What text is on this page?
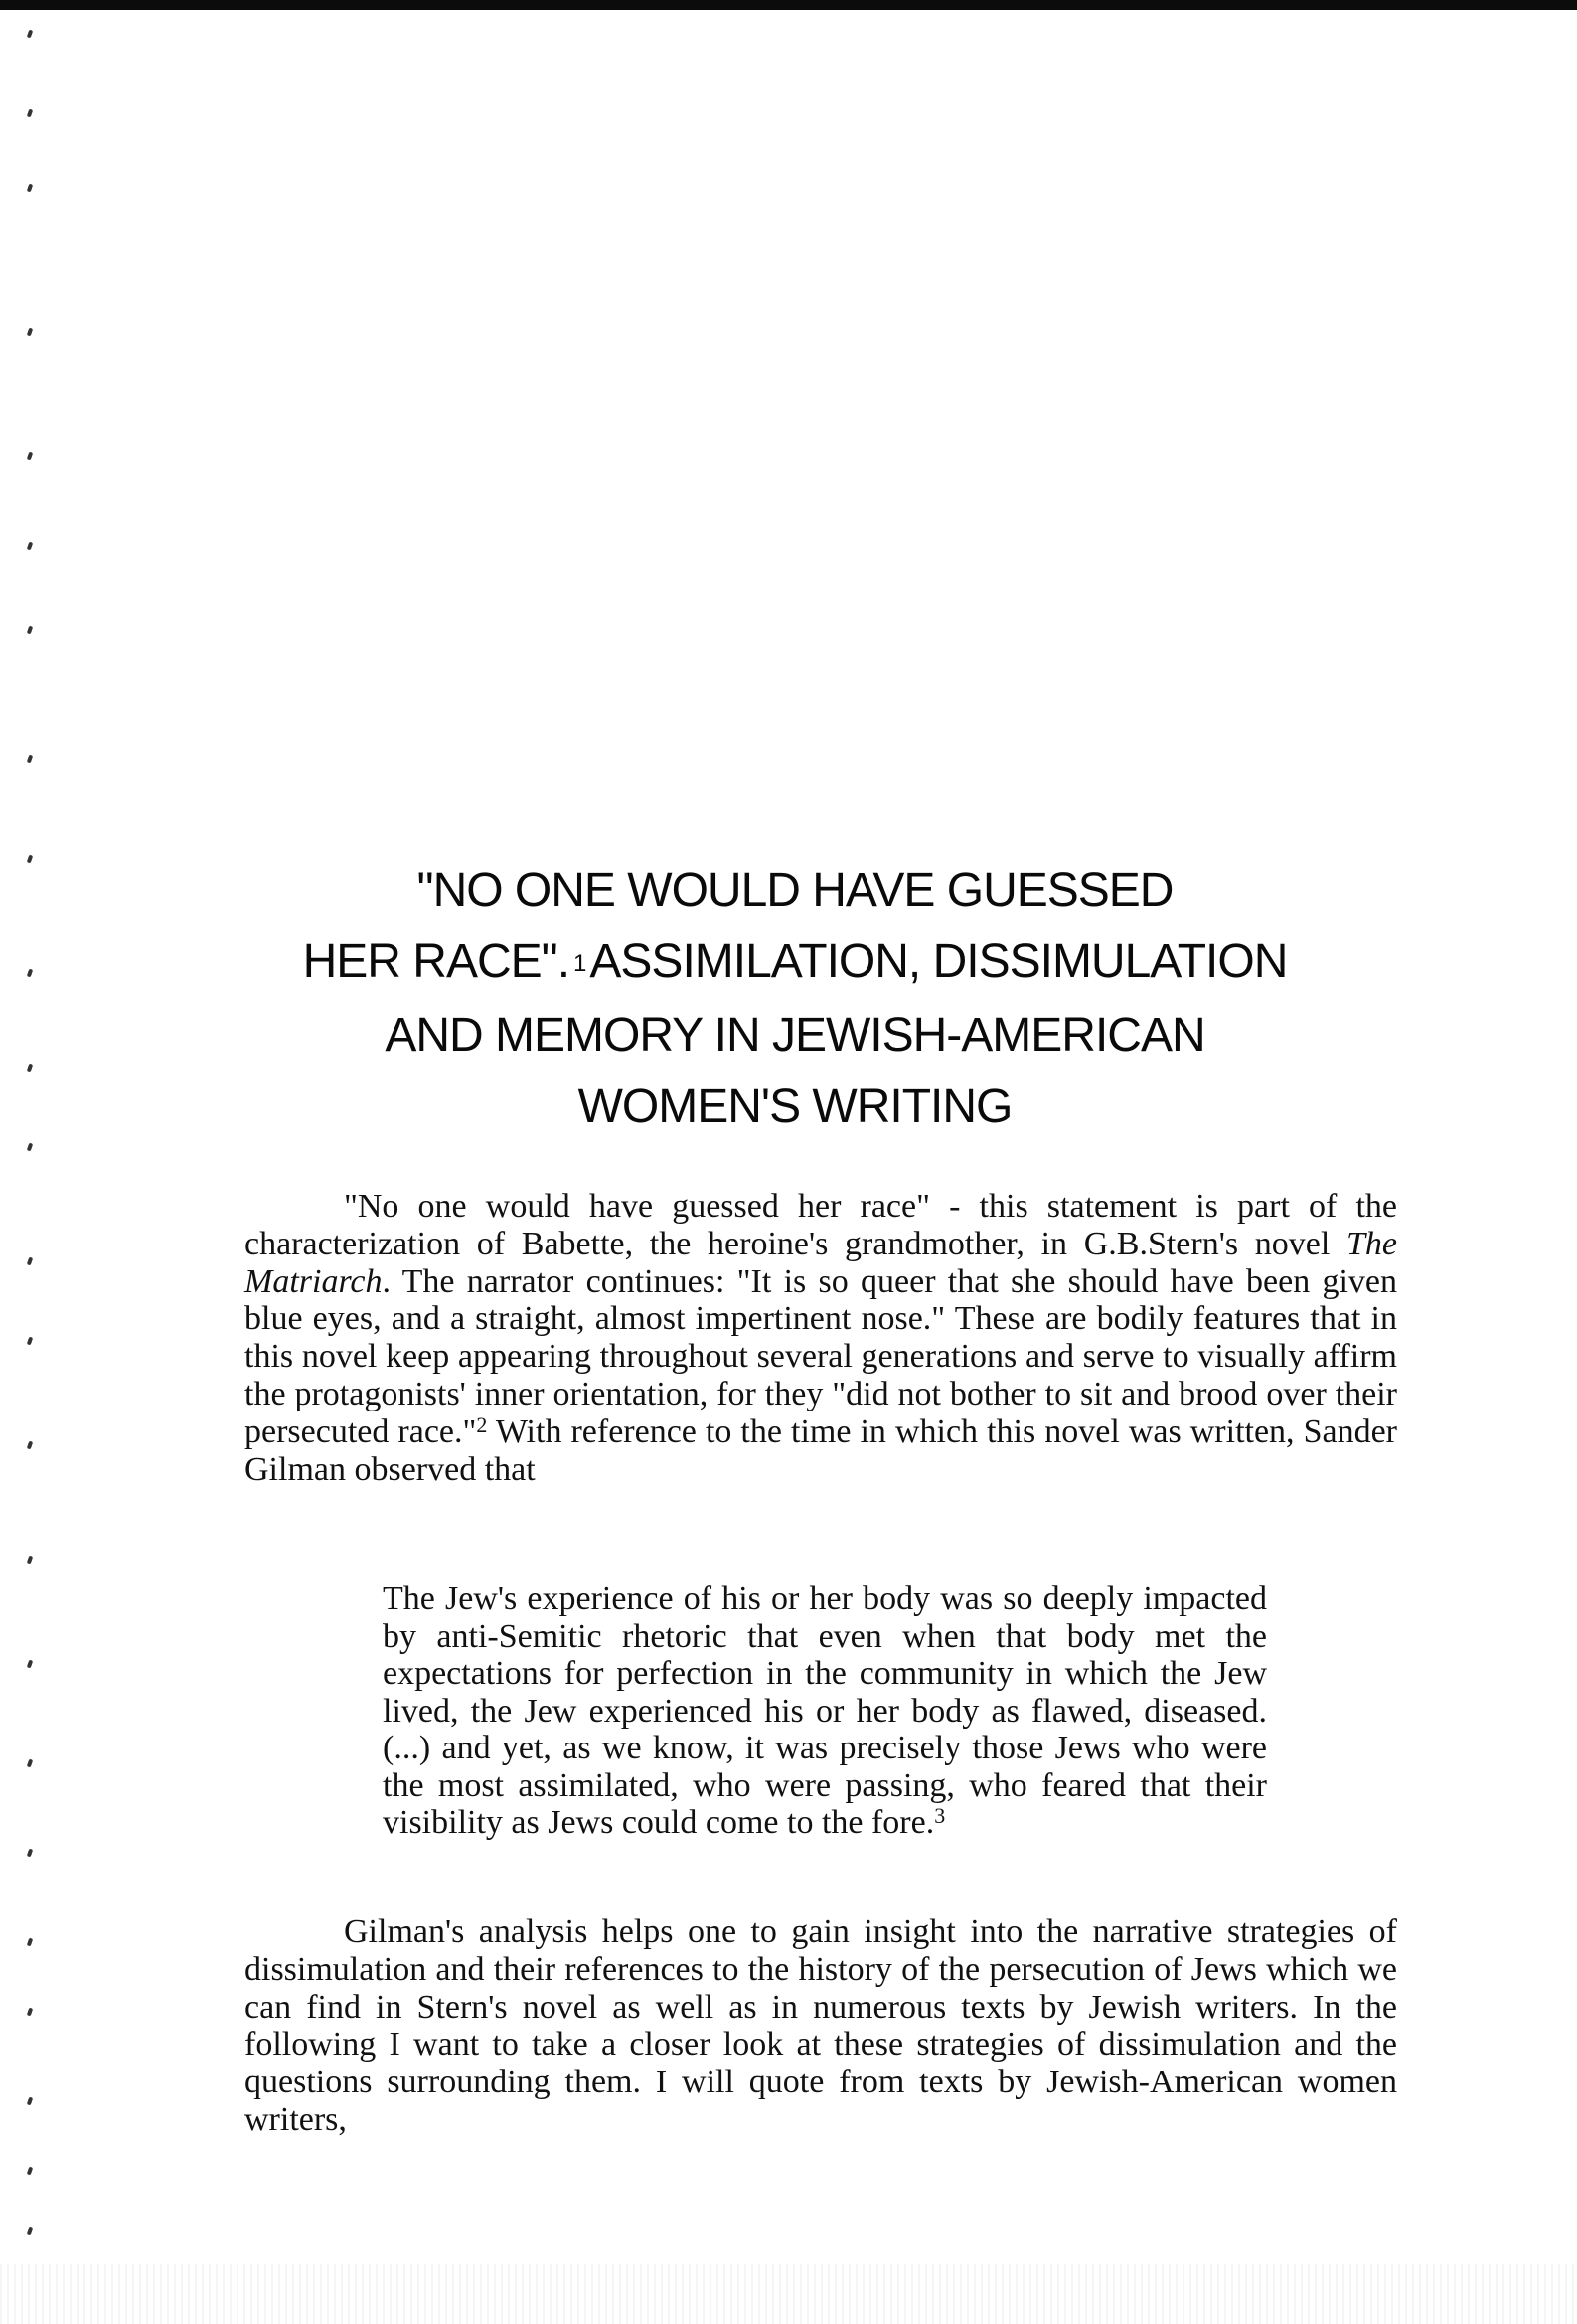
"NO ONE WOULD HAVE GUESSED
HER RACE". 1ASSIMILATION, DISSIMULATION
AND MEMORY IN JEWISH-AMERICAN
WOMEN'S WRITING

"No one would have guessed her race" - this statement is part of the characterization of Babette, the heroine's grandmother, in G.B.Stern's novel The Matriarch. The narrator continues: "It is so queer that she should have been given blue eyes, and a straight, almost impertinent nose." These are bodily features that in this novel keep appearing throughout several generations and serve to visually affirm the protagonists' inner orientation, for they "did not bother to sit and brood over their persecuted race."$^2$ With reference to the time in which this novel was written, Sander Gilman observed that

The Jew's experience of his or her body was so deeply impacted by anti-Semitic rhetoric that even when that body met the expectations for perfection in the community in which the Jew lived, the Jew experienced his or her body as flawed, diseased.(...) and yet, as we know, it was precisely those Jews who were the most assimilated, who were passing, who feared that their visibility as Jews could come to the fore.$^3$

Gilman's analysis helps one to gain insight into the narrative strategies of dissimulation and their references to the history of the persecution of Jews which we can find in Stern's novel as well as in numerous texts by Jewish writers. In the following I want to take a closer look at these strategies of dissimulation and the questions surrounding them. I will quote from texts by Jewish-American women writers,
